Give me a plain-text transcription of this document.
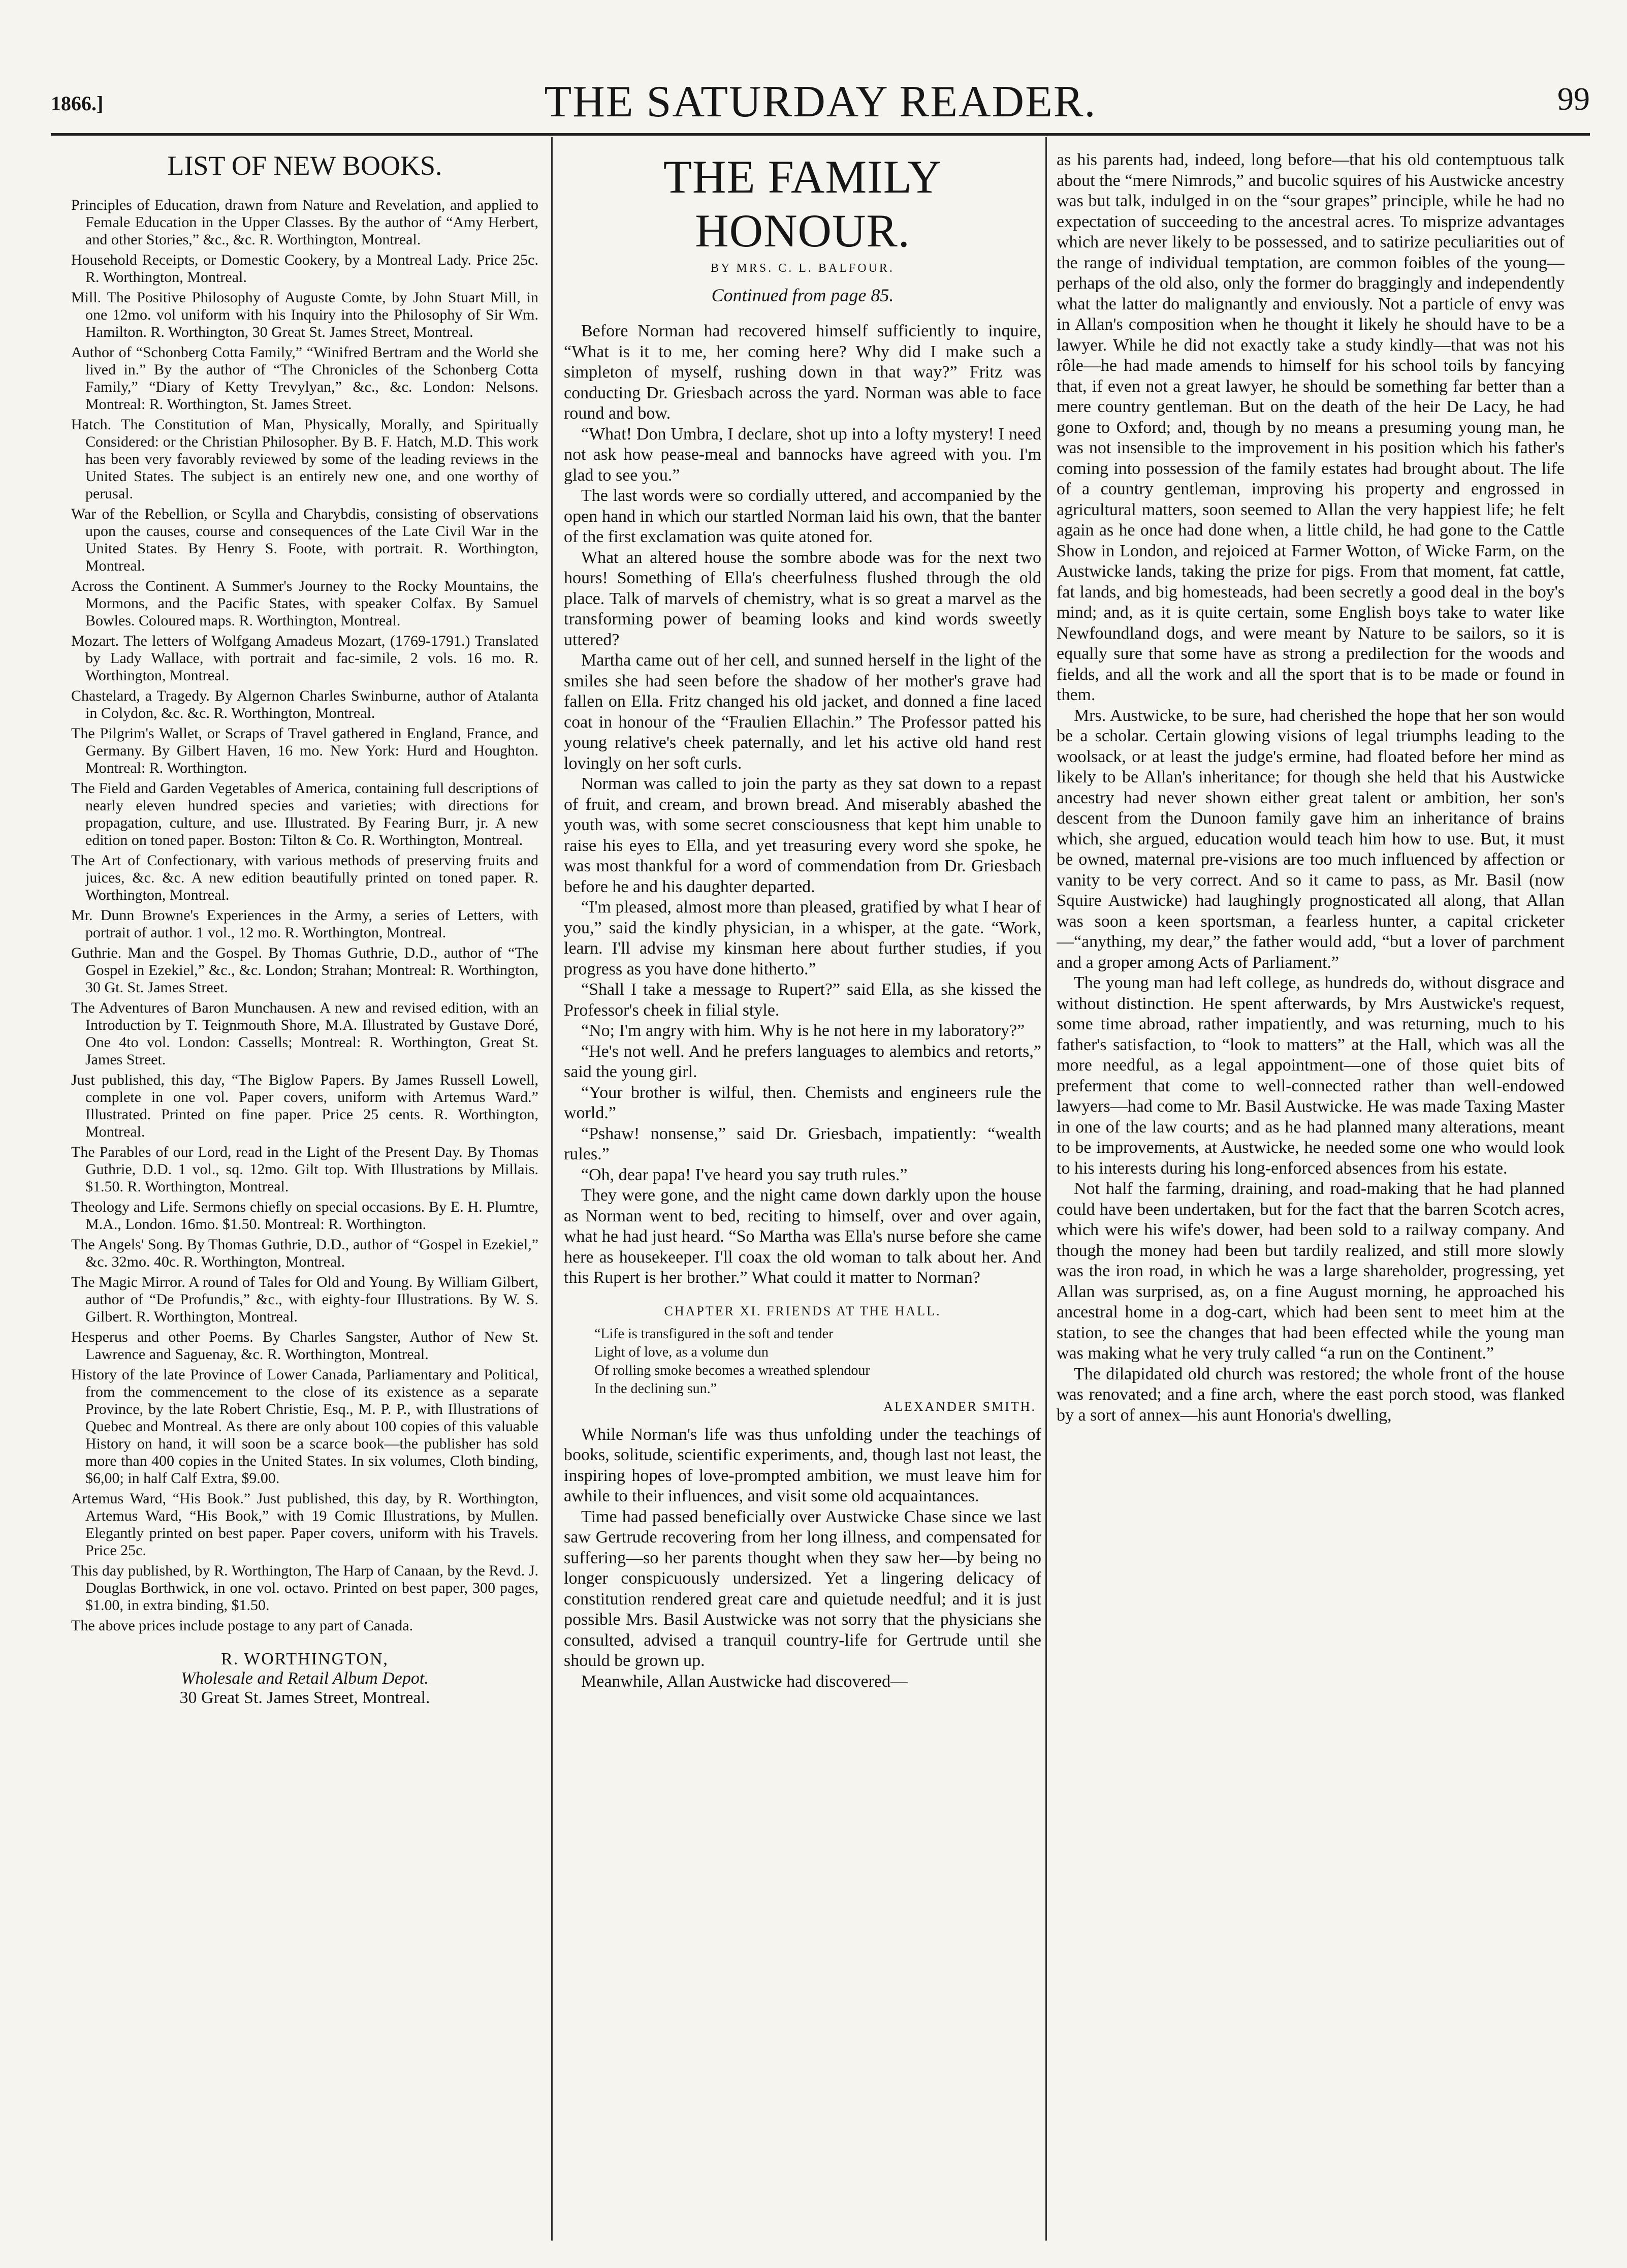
1866.]	THE SATURDAY READER.	99
LIST OF NEW BOOKS.

Principles of Education, drawn from Nature and Revelation, and applied to Female Education in the Upper Classes. By the author of “Amy Herbert, and other Stories,” &c., &c. R. Worthington, Montreal.

Household Receipts, or Domestic Cookery, by a Montreal Lady. Price 25c. R. Worthington, Montreal.

Mill. The Positive Philosophy of Auguste Comte, by John Stuart Mill, in one 12mo. vol uniform with his Inquiry into the Philosophy of Sir Wm. Hamilton. R. Worthington, 30 Great St. James Street, Montreal.

Author of “Schonberg Cotta Family,” “Winifred Bertram and the World she lived in.” By the author of “The Chronicles of the Schonberg Cotta Family,” “Diary of Ketty Trevylyan,” &c., &c. London: Nelsons. Montreal: R. Worthington, St. James Street.

Hatch. The Constitution of Man, Physically, Morally, and Spiritually Considered: or the Christian Philosopher. By B. F. Hatch, M.D. This work has been very favorably reviewed by some of the leading reviews in the United States. The subject is an entirely new one, and one worthy of perusal.

War of the Rebellion, or Scylla and Charybdis, consisting of observations upon the causes, course and consequences of the Late Civil War in the United States. By Henry S. Foote, with portrait. R. Worthington, Montreal.

Across the Continent. A Summer's Journey to the Rocky Mountains, the Mormons, and the Pacific States, with speaker Colfax. By Samuel Bowles. Coloured maps. R. Worthington, Montreal.

Mozart. The letters of Wolfgang Amadeus Mozart, (1769-1791.) Translated by Lady Wallace, with portrait and fac-simile, 2 vols. 16 mo. R. Worthington, Montreal.

Chastelard, a Tragedy. By Algernon Charles Swinburne, author of Atalanta in Colydon, &c. &c. R. Worthington, Montreal.

The Pilgrim's Wallet, or Scraps of Travel gathered in England, France, and Germany. By Gilbert Haven, 16 mo. New York: Hurd and Houghton. Montreal: R. Worthington.

The Field and Garden Vegetables of America, containing full descriptions of nearly eleven hundred species and varieties; with directions for propagation, culture, and use. Illustrated. By Fearing Burr, jr. A new edition on toned paper. Boston: Tilton & Co. R. Worthington, Montreal.

The Art of Confectionary, with various methods of preserving fruits and juices, &c. &c. A new edition beautifully printed on toned paper. R. Worthington, Montreal.

Mr. Dunn Browne's Experiences in the Army, a series of Letters, with portrait of author. 1 vol., 12 mo. R. Worthington, Montreal.

Guthrie. Man and the Gospel. By Thomas Guthrie, D.D., author of “The Gospel in Ezekiel,” &c., &c. London; Strahan; Montreal: R. Worthington, 30 Gt. St. James Street.

The Adventures of Baron Munchausen. A new and revised edition, with an Introduction by T. Teignmouth Shore, M.A. Illustrated by Gustave Doré, One 4to vol. London: Cassells; Montreal: R. Worthington, Great St. James Street.

Just published, this day, “The Biglow Papers. By James Russell Lowell, complete in one vol. Paper covers, uniform with Artemus Ward.” Illustrated. Printed on fine paper. Price 25 cents. R. Worthington, Montreal.

The Parables of our Lord, read in the Light of the Present Day. By Thomas Guthrie, D.D. 1 vol., sq. 12mo. Gilt top. With Illustrations by Millais. $1.50. R. Worthington, Montreal.

Theology and Life. Sermons chiefly on special occasions. By E. H. Plumtre, M.A., London. 16mo. $1.50. Montreal: R. Worthington.

The Angels' Song. By Thomas Guthrie, D.D., author of “Gospel in Ezekiel,” &c. 32mo. 40c. R. Worthington, Montreal.

The Magic Mirror. A round of Tales for Old and Young. By William Gilbert, author of “De Profundis,” &c., with eighty-four Illustrations. By W. S. Gilbert. R. Worthington, Montreal.

Hesperus and other Poems. By Charles Sangster, Author of New St. Lawrence and Saguenay, &c. R. Worthington, Montreal.

History of the late Province of Lower Canada, Parliamentary and Political, from the commencement to the close of its existence as a separate Province, by the late Robert Christie, Esq., M. P. P., with Illustrations of Quebec and Montreal. As there are only about 100 copies of this valuable History on hand, it will soon be a scarce book—the publisher has sold more than 400 copies in the United States. In six volumes, Cloth binding, $6,00; in half Calf Extra, $9.00.

Artemus Ward, “His Book.” Just published, this day, by R. Worthington, Artemus Ward, “His Book,” with 19 Comic Illustrations, by Mullen. Elegantly printed on best paper. Paper covers, uniform with his Travels. Price 25c.

This day published, by R. Worthington, The Harp of Canaan, by the Revd. J. Douglas Borthwick, in one vol. octavo. Printed on best paper, 300 pages, $1.00, in extra binding, $1.50.

The above prices include postage to any part of Canada.

R. WORTHINGTON,
Wholesale and Retail Album Depot.
30 Great St. James Street, Montreal.
THE FAMILY HONOUR.
BY MRS. C. L. BALFOUR.
Continued from page 85.

Before Norman had recovered himself sufficiently to inquire, “What is it to me, her coming here? Why did I make such a simpleton of myself, rushing down in that way?” Fritz was conducting Dr. Griesbach across the yard. Norman was able to face round and bow.

“What! Don Umbra, I declare, shot up into a lofty mystery! I need not ask how pease-meal and bannocks have agreed with you. I'm glad to see you.”

The last words were so cordially uttered, and accompanied by the open hand in which our startled Norman laid his own, that the banter of the first exclamation was quite atoned for.

What an altered house the sombre abode was for the next two hours! Something of Ella's cheerfulness flushed through the old place. Talk of marvels of chemistry, what is so great a marvel as the transforming power of beaming looks and kind words sweetly uttered?

Martha came out of her cell, and sunned herself in the light of the smiles she had seen before the shadow of her mother's grave had fallen on Ella. Fritz changed his old jacket, and donned a fine laced coat in honour of the “Fraulien Ellachin.” The Professor patted his young relative's cheek paternally, and let his active old hand rest lovingly on her soft curls.

Norman was called to join the party as they sat down to a repast of fruit, and cream, and brown bread. And miserably abashed the youth was, with some secret consciousness that kept him unable to raise his eyes to Ella, and yet treasuring every word she spoke, he was most thankful for a word of commendation from Dr. Griesbach before he and his daughter departed.

“I'm pleased, almost more than pleased, gratified by what I hear of you,” said the kindly physician, in a whisper, at the gate. “Work, learn. I'll advise my kinsman here about further studies, if you progress as you have done hitherto.”

“Shall I take a message to Rupert?” said Ella, as she kissed the Professor's cheek in filial style.

“No; I'm angry with him. Why is he not here in my laboratory?”

“He's not well. And he prefers languages to alembics and retorts,” said the young girl.

“Your brother is wilful, then. Chemists and engineers rule the world.”

“Pshaw! nonsense,” said Dr. Griesbach, impatiently: “wealth rules.”

“Oh, dear papa! I've heard you say truth rules.”

They were gone, and the night came down darkly upon the house as Norman went to bed, reciting to himself, over and over again, what he had just heard. “So Martha was Ella's nurse before she came here as housekeeper. I'll coax the old woman to talk about her. And this Rupert is her brother.” What could it matter to Norman?

CHAPTER XI. FRIENDS AT THE HALL.

“Life is transfigured in the soft and tender

Light of love, as a volume dun

Of rolling smoke becomes a wreathed splendour

In the declining sun.”

ALEXANDER SMITH.

While Norman's life was thus unfolding under the teachings of books, solitude, scientific experiments, and, though last not least, the inspiring hopes of love-prompted ambition, we must leave him for awhile to their influences, and visit some old acquaintances.

Time had passed beneficially over Austwicke Chase since we last saw Gertrude recovering from her long illness, and compensated for suffering—so her parents thought when they saw her—by being no longer conspicuously undersized. Yet a lingering delicacy of constitution rendered great care and quietude needful; and it is just possible Mrs. Basil Austwicke was not sorry that the physicians she consulted, advised a tranquil country-life for Gertrude until she should be grown up.

Meanwhile, Allan Austwicke had discovered—

as his parents had, indeed, long before—that his old contemptuous talk about the “mere Nimrods,” and bucolic squires of his Austwicke ancestry was but talk, indulged in on the “sour grapes” principle, while he had no expectation of succeeding to the ancestral acres. To misprize advantages which are never likely to be possessed, and to satirize peculiarities out of the range of individual temptation, are common foibles of the young—perhaps of the old also, only the former do braggingly and independently what the latter do malignantly and enviously. Not a particle of envy was in Allan's composition when he thought it likely he should have to be a lawyer. While he did not exactly take a study kindly—that was not his rôle—he had made amends to himself for his school toils by fancying that, if even not a great lawyer, he should be something far better than a mere country gentleman. But on the death of the heir De Lacy, he had gone to Oxford; and, though by no means a presuming young man, he was not insensible to the improvement in his position which his father's coming into possession of the family estates had brought about. The life of a country gentleman, improving his property and engrossed in agricultural matters, soon seemed to Allan the very happiest life; he felt again as he once had done when, a little child, he had gone to the Cattle Show in London, and rejoiced at Farmer Wotton, of Wicke Farm, on the Austwicke lands, taking the prize for pigs. From that moment, fat cattle, fat lands, and big homesteads, had been secretly a good deal in the boy's mind; and, as it is quite certain, some English boys take to water like Newfoundland dogs, and were meant by Nature to be sailors, so it is equally sure that some have as strong a predilection for the woods and fields, and all the work and all the sport that is to be made or found in them.

Mrs. Austwicke, to be sure, had cherished the hope that her son would be a scholar. Certain glowing visions of legal triumphs leading to the woolsack, or at least the judge's ermine, had floated before her mind as likely to be Allan's inheritance; for though she held that his Austwicke ancestry had never shown either great talent or ambition, her son's descent from the Dunoon family gave him an inheritance of brains which, she argued, education would teach him how to use. But, it must be owned, maternal pre-visions are too much influenced by affection or vanity to be very correct. And so it came to pass, as Mr. Basil (now Squire Austwicke) had laughingly prognosticated all along, that Allan was soon a keen sportsman, a fearless hunter, a capital cricketer—“anything, my dear,” the father would add, “but a lover of parchment and a groper among Acts of Parliament.”

The young man had left college, as hundreds do, without disgrace and without distinction. He spent afterwards, by Mrs Austwicke's request, some time abroad, rather impatiently, and was returning, much to his father's satisfaction, to “look to matters” at the Hall, which was all the more needful, as a legal appointment—one of those quiet bits of preferment that come to well-connected rather than well-endowed lawyers—had come to Mr. Basil Austwicke. He was made Taxing Master in one of the law courts; and as he had planned many alterations, meant to be improvements, at Austwicke, he needed some one who would look to his interests during his long-enforced absences from his estate.

Not half the farming, draining, and road-making that he had planned could have been undertaken, but for the fact that the barren Scotch acres, which were his wife's dower, had been sold to a railway company. And though the money had been but tardily realized, and still more slowly was the iron road, in which he was a large shareholder, progressing, yet Allan was surprised, as, on a fine August morning, he approached his ancestral home in a dog-cart, which had been sent to meet him at the station, to see the changes that had been effected while the young man was making what he very truly called “a run on the Continent.”

The dilapidated old church was restored; the whole front of the house was renovated; and a fine arch, where the east porch stood, was flanked by a sort of annex—his aunt Honoria's dwelling,
